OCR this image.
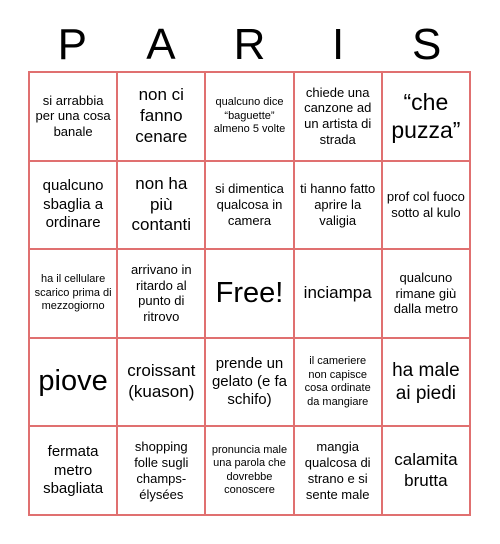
P	A	R	I	S
si arrabbia per una cosa banale
non ci fanno cenare
qualcuno dice “baguette” almeno 5 volte
chiede una canzone ad un artista di strada
“che puzza”
qualcuno sbaglia a ordinare
non ha più contanti
si dimentica qualcosa in camera
ti hanno fatto aprire la valigia
prof col fuoco sotto al kulo
ha il cellulare scarico prima di mezzogiorno
arrivano in ritardo al punto di ritrovo
Free!	inciampa
qualcuno rimane giù dalla metro
piove	croissant (kuason)
prende un gelato (e fa schifo)
il cameriere non capisce cosa ordinate da mangiare
ha male ai piedi
fermata metro sbagliata
shopping folle sugli champs-élysées
pronuncia male una parola che dovrebbe conoscere
mangia qualcosa di strano e si sente male
calamita brutta
